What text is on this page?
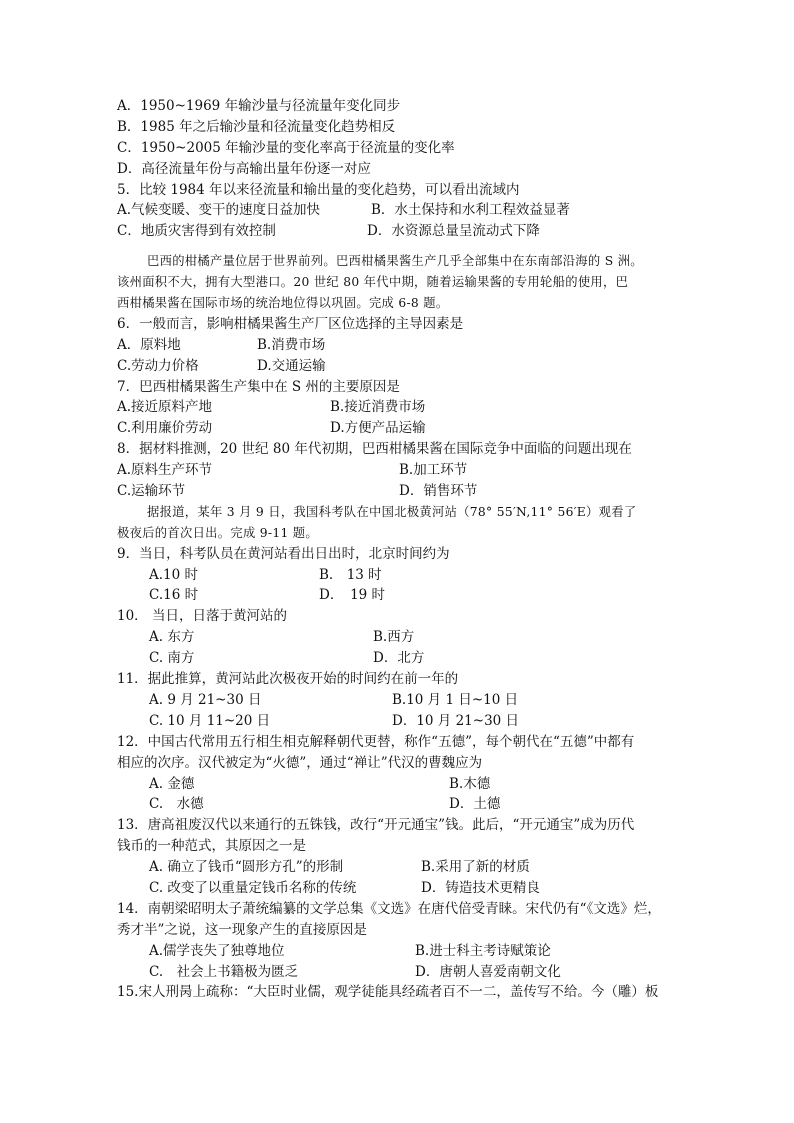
A．1950~1969 年输沙量与径流量年变化同步
B．1985 年之后输沙量和径流量变化趋势相反
C．1950~2005 年输沙量的变化率高于径流量的变化率
D．高径流量年份与高输出量年份逐一对应
5．比较 1984 年以来径流量和输出量的变化趋势，可以看出流域内
A.气候变暖、变干的速度日益加快	B．水土保持和水利工程效益显著
C．地质灾害得到有效控制	D．水资源总量呈流动式下降
巴西的柑橘产量位居于世界前列。巴西柑橘果酱生产几乎全部集中在东南部沿海的 S 洲。
该州面积不大，拥有大型港口。20 世纪 80 年代中期，随着运输果酱的专用轮船的使用，巴
西柑橘果酱在国际市场的统治地位得以巩固。完成 6-8 题。
6．一般而言，影响柑橘果酱生产厂区位选择的主导因素是
A．原料地	B.消费市场
C.劳动力价格	D.交通运输
7．巴西柑橘果酱生产集中在 S 州的主要原因是
A.接近原料产地	B.接近消费市场
C.利用廉价劳动	D.方便产品运输
8．据材料推测，20 世纪 80 年代初期，巴西柑橘果酱在国际竞争中面临的问题出现在
A.原料生产环节	B.加工环节
C.运输环节	D．销售环节
据报道，某年 3 月 9 日，我国科考队在中国北极黄河站（78° 55′N,11° 56′E）观看了
极夜后的首次日出。完成 9-11 题。
9．当日，科考队员在黄河站看出日出时，北京时间约为
A.10 时	B.　13 时
C.16 时	D．　19 时
10． 当日，日落于黄河站的
A. 东方	B.西方
C. 南方	D．北方
11．据此推算，黄河站此次极夜开始的时间约在前一年的
A. 9 月 21~30 日	B.10 月 1 日~10 日
C. 10 月 11~20 日	D．10 月 21~30 日
12．中国古代常用五行相生相克解释朝代更替，称作“五德”，每个朝代在“五德”中都有
相应的次序。汉代被定为“火德”，通过“禅让”代汉的曹魏应为
A. 金德	B.木德
C.　水德	D．土德
13．唐高祖废汉代以来通行的五铢钱，改行“开元通宝”钱。此后，“开元通宝”成为历代
钱币的一种范式，其原因之一是
A. 确立了钱币“圆形方孔”的形制	B.采用了新的材质
C. 改变了以重量定钱币名称的传统	D．铸造技术更精良
14．南朝梁昭明太子萧统编纂的文学总集《文选》在唐代倍受青睐。宋代仍有“《文选》烂，
秀才半”之说，这一现象产生的直接原因是
A.儒学丧失了独尊地位	B.进士科主考诗赋策论
C.　社会上书籍极为匮乏	D．唐朝人喜爱南朝文化
15.宋人刑昺上疏称：“大臣时业儒，观学徒能具经疏者百不一二，盖传写不给。今（雕）板
